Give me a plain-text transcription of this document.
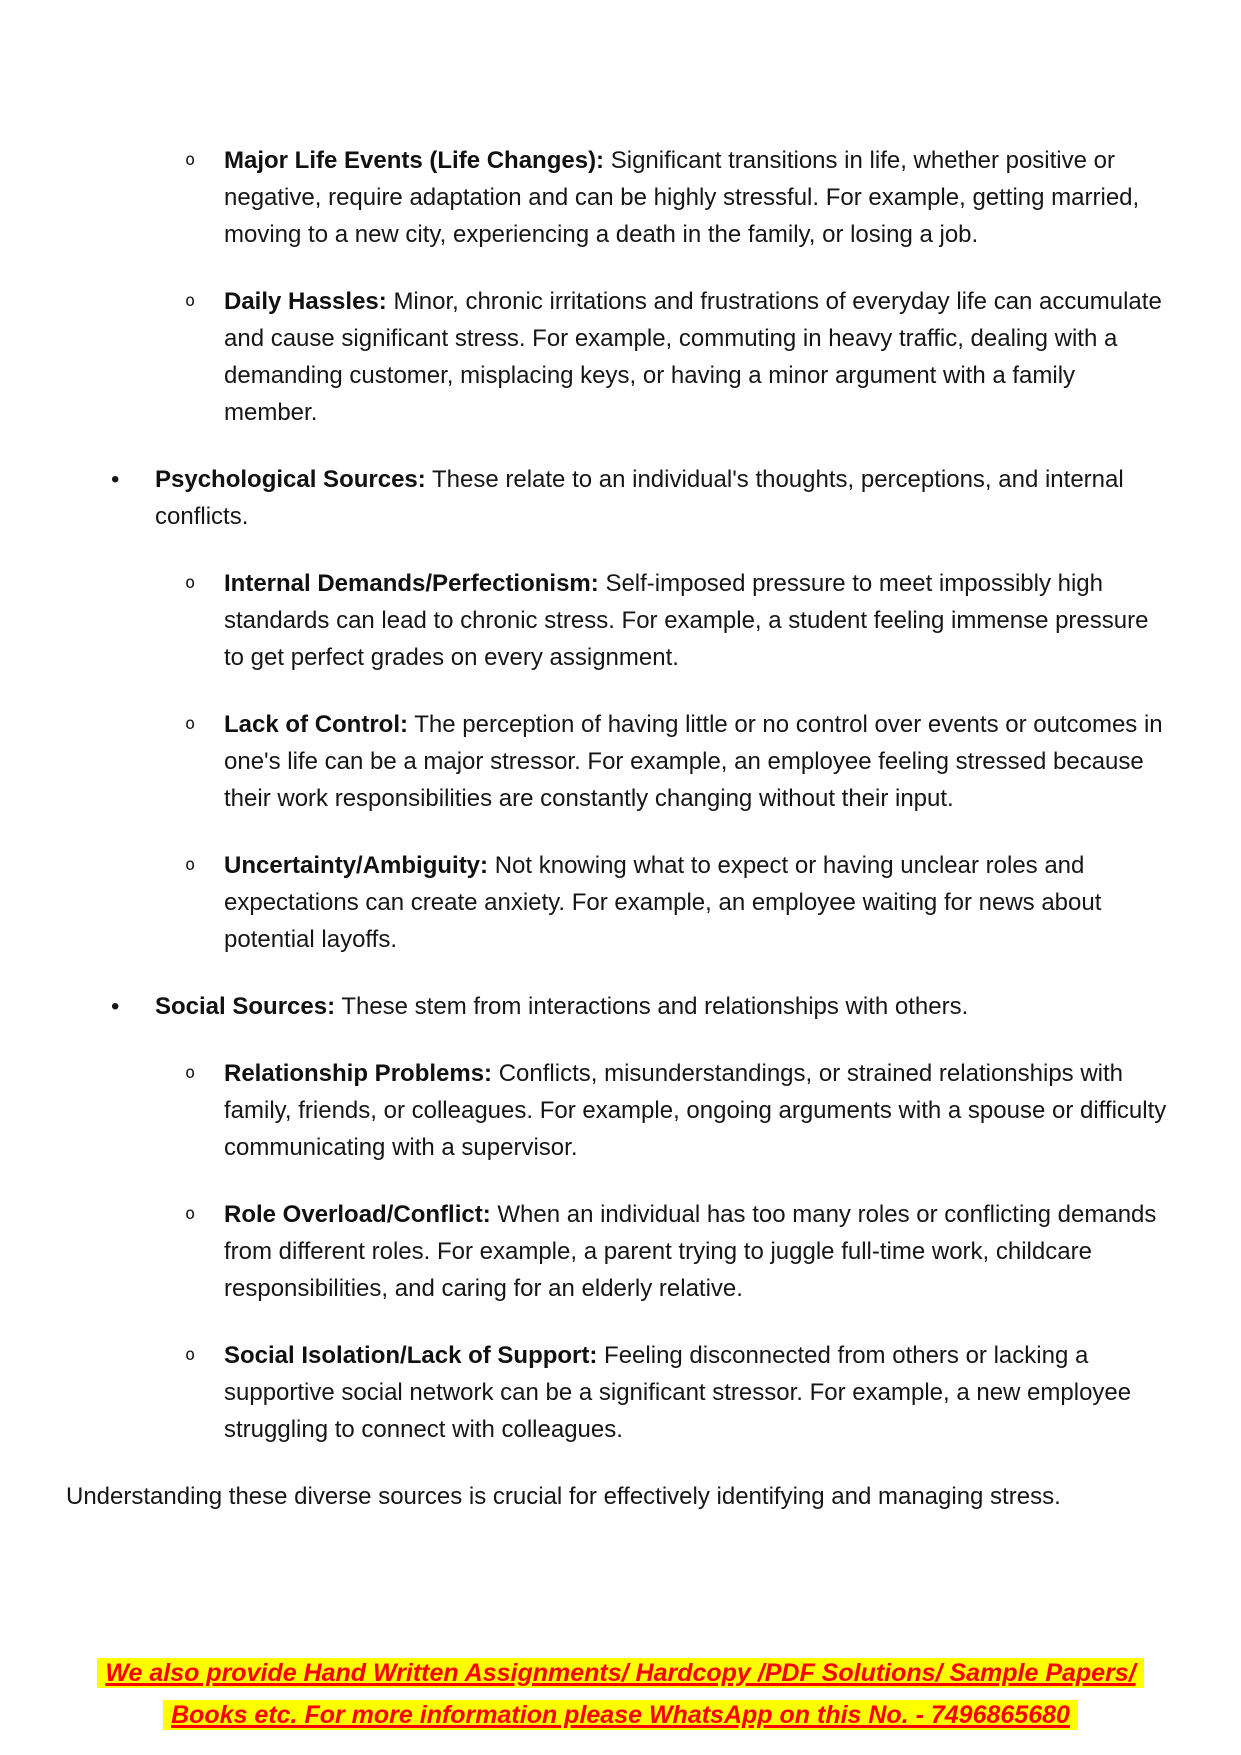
o Major Life Events (Life Changes): Significant transitions in life, whether positive or negative, require adaptation and can be highly stressful. For example, getting married, moving to a new city, experiencing a death in the family, or losing a job.
o Daily Hassles: Minor, chronic irritations and frustrations of everyday life can accumulate and cause significant stress. For example, commuting in heavy traffic, dealing with a demanding customer, misplacing keys, or having a minor argument with a family member.
• Psychological Sources: These relate to an individual's thoughts, perceptions, and internal conflicts.
o Internal Demands/Perfectionism: Self-imposed pressure to meet impossibly high standards can lead to chronic stress. For example, a student feeling immense pressure to get perfect grades on every assignment.
o Lack of Control: The perception of having little or no control over events or outcomes in one's life can be a major stressor. For example, an employee feeling stressed because their work responsibilities are constantly changing without their input.
o Uncertainty/Ambiguity: Not knowing what to expect or having unclear roles and expectations can create anxiety. For example, an employee waiting for news about potential layoffs.
• Social Sources: These stem from interactions and relationships with others.
o Relationship Problems: Conflicts, misunderstandings, or strained relationships with family, friends, or colleagues. For example, ongoing arguments with a spouse or difficulty communicating with a supervisor.
o Role Overload/Conflict: When an individual has too many roles or conflicting demands from different roles. For example, a parent trying to juggle full-time work, childcare responsibilities, and caring for an elderly relative.
o Social Isolation/Lack of Support: Feeling disconnected from others or lacking a supportive social network can be a significant stressor. For example, a new employee struggling to connect with colleagues.

Understanding these diverse sources is crucial for effectively identifying and managing stress.

We also provide Hand Written Assignments/ Hardcopy /PDF Solutions/ Sample Papers/
Books etc. For more information please WhatsApp on this No. - 7496865680
